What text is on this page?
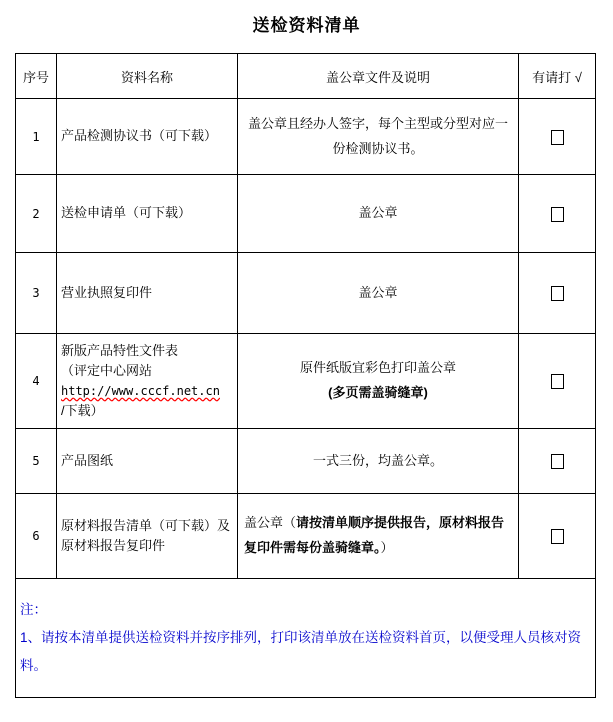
送检资料清单
序号	资料名称	盖公章文件及说明	有请打 √
1	产品检测协议书（可下载）	盖公章且经办人签字，每个主型或分型对应一份检测协议书。	
2	送检申请单（可下载）	盖公章	
3	营业执照复印件	盖公章	
4	新版产品特性文件表
（评定中心网站
http://www.cccf.net.cn
/下载）	原件纸版宜彩色打印盖公章
(多页需盖骑缝章)	
5	产品图纸	一式三份，均盖公章。	
6	原材料报告清单（可下载）及原材料报告复印件	盖公章（请按清单顺序提供报告，原材料报告复印件需每份盖骑缝章。）	

注：
1、请按本清单提供送检资料并按序排列，打印该清单放在送检资料首页，以便受理人员核对资料。			
